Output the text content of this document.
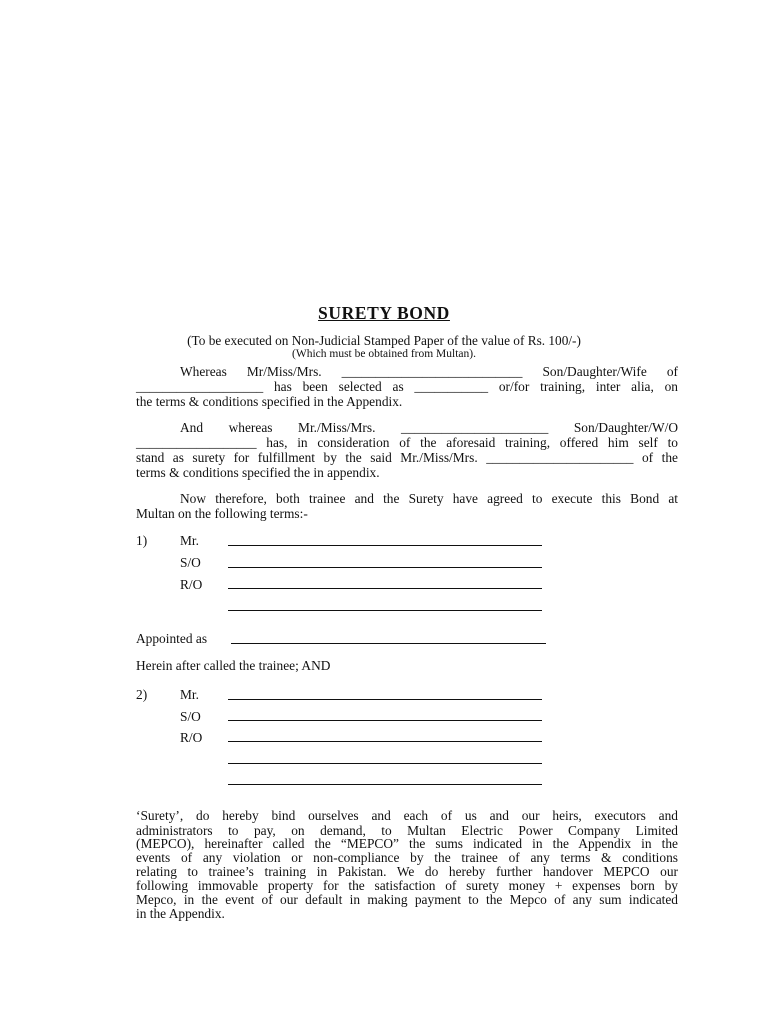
SURETY BOND
(To be executed on Non-Judicial Stamped Paper of the value of Rs. 100/-)
(Which must be obtained from Multan).
Whereas Mr/Miss/Mrs. ___________________________ Son/Daughter/Wife of
___________________ has been selected as ___________ or/for training, inter alia, on
the terms & conditions specified in the Appendix.
And whereas Mr./Miss/Mrs. ______________________ Son/Daughter/W/O
__________________ has, in consideration of the aforesaid training, offered him self to
stand as surety for fulfillment by the said Mr./Miss/Mrs. ______________________ of the
terms & conditions specified the in appendix.
Now therefore, both trainee and the Surety have agreed to execute this Bond at
Multan on the following terms:-
1) Mr.
S/O
R/O
Appointed as
Herein after called the trainee; AND
2) Mr.
S/O
R/O
‘Surety’, do hereby bind ourselves and each of us and our heirs, executors and
administrators to pay, on demand, to Multan Electric Power Company Limited
(MEPCO), hereinafter called the “MEPCO” the sums indicated in the Appendix in the
events of any violation or non-compliance by the trainee of any terms & conditions
relating to trainee’s training in Pakistan. We do hereby further handover MEPCO our
following immovable property for the satisfaction of surety money + expenses born by
Mepco, in the event of our default in making payment to the Mepco of any sum indicated
in the Appendix.
